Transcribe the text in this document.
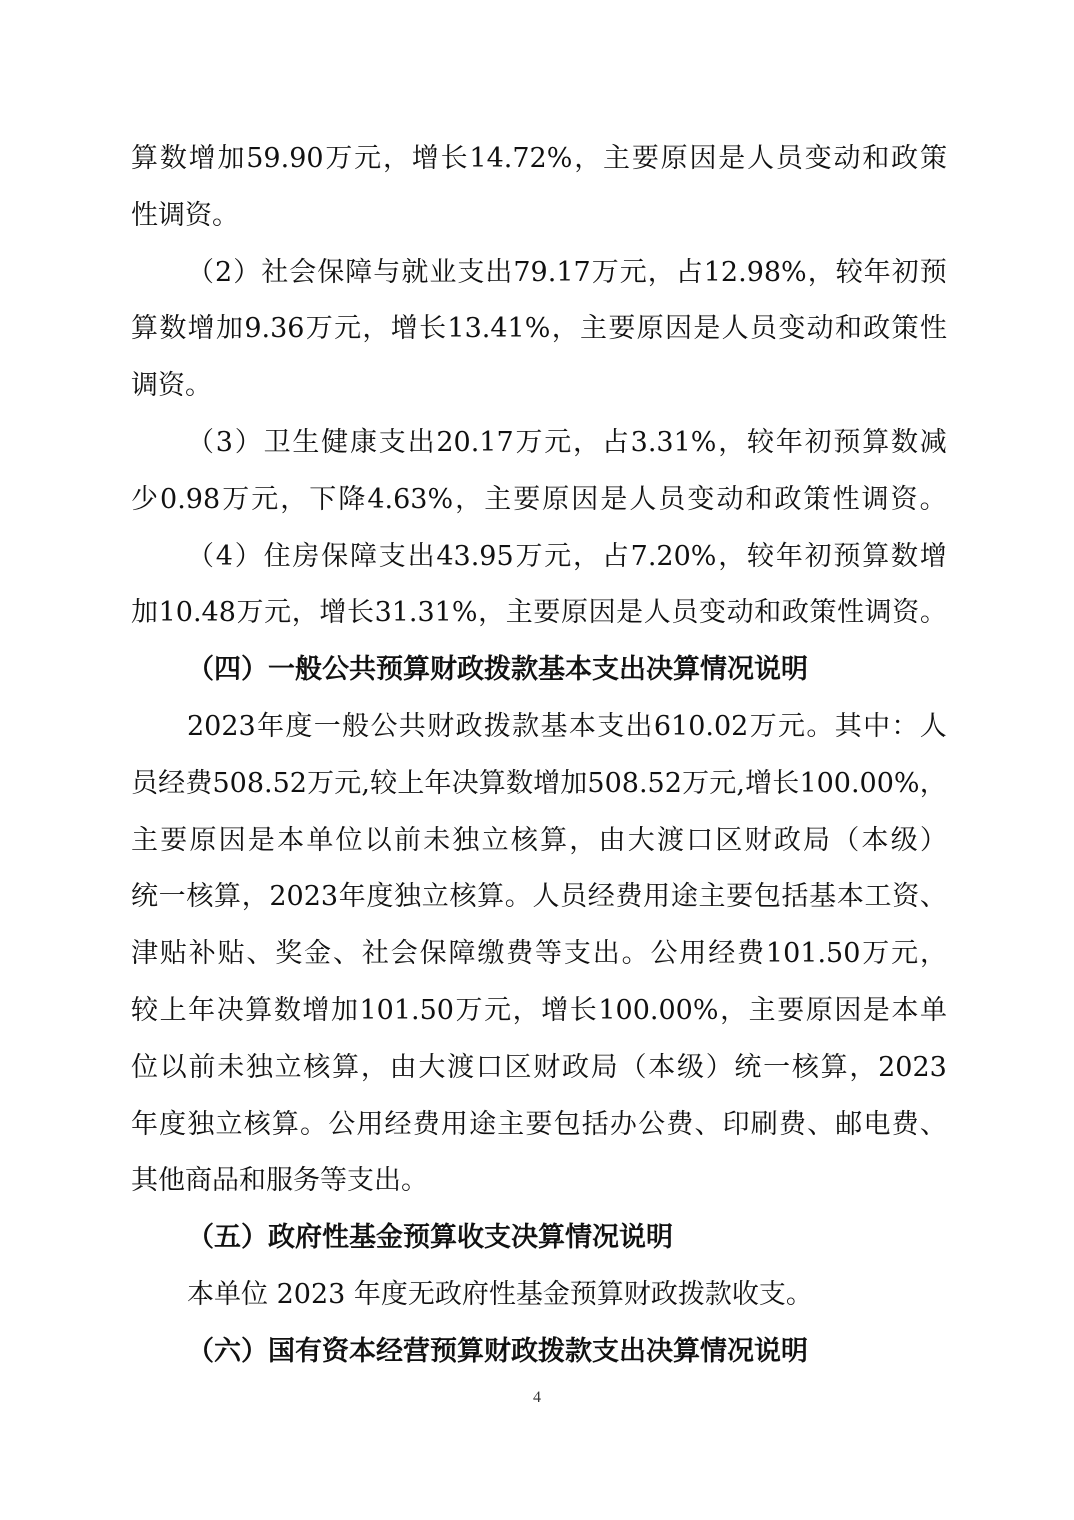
算 数 增 加 59.90 万 元 ， 增 长 14.72% ， 主 要 原 因 是 人 员 变 动 和 政 策
性调资。
（ 2 ） 社 会 保 障 与 就 业 支 出 79.17 万 元 ， 占 12.98% ， 较 年 初 预
算 数 增 加 9.36 万 元 ， 增 长 13.41% ， 主 要 原 因 是 人 员 变 动 和 政 策 性
调资。
（ 3 ） 卫 生 健 康 支 出 20.17 万 元 ， 占 3.31% ， 较 年 初 预 算 数 减
少 0.98 万 元 ， 下 降 4.63% ， 主 要 原 因 是 人 员 变 动 和 政 策 性 调 资 。
（ 4 ） 住 房 保 障 支 出 43.95 万 元 ， 占 7.20% ， 较 年 初 预 算 数 增
加 10.48 万 元 ， 增 长 31.31% ， 主 要 原 因 是 人 员 变 动 和 政 策 性 调 资 。
（四）一般公共预算财政拨款基本支出决算情况说明
2023 年 度 一 般 公 共 财 政 拨 款 基 本 支 出 610.02 万 元 。 其 中 ： 人
员 经 费 508.52 万 元 , 较 上 年 决 算 数 增 加 508.52 万 元 , 增 长 100.00% ，
主 要 原 因 是 本 单 位 以 前 未 独 立 核 算 ， 由 大 渡 口 区 财 政 局 （ 本 级 ）
统 一 核 算 ， 2023 年 度 独 立 核 算 。 人 员 经 费 用 途 主 要 包 括 基 本 工 资 、
津 贴 补 贴 、 奖 金 、 社 会 保 障 缴 费 等 支 出 。 公 用 经 费 101.50 万 元 ，
较 上 年 决 算 数 增 加 101.50 万 元 ， 增 长 100.00% ， 主 要 原 因 是 本 单
位 以 前 未 独 立 核 算 ， 由 大 渡 口 区 财 政 局 （ 本 级 ） 统 一 核 算 ， 2023
年 度 独 立 核 算 。 公 用 经 费 用 途 主 要 包 括 办 公 费 、 印 刷 费 、 邮 电 费 、
其他商品和服务等支出。
（五）政府性基金预算收支决算情况说明
本单位 2023 年度无政府性基金预算财政拨款收支。
（六）国有资本经营预算财政拨款支出决算情况说明
4
